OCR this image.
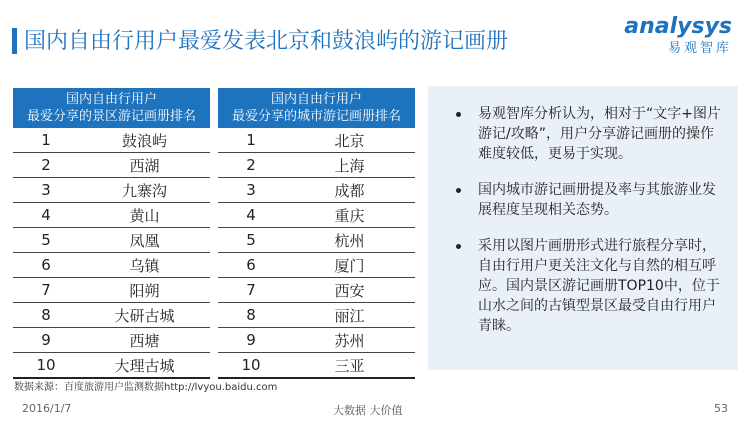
国内自由行用户最爱发表北京和鼓浪屿的游记画册
analysys
易观智库
国内自由行用户
最爱分享的景区游记画册排名	

1	鼓浪屿
2	西湖
3	九寨沟
4	黄山
5	凤凰
6	乌镇
7	阳朔
8	大研古城
9	西塘
10	大理古城
国内自由行用户
最爱分享的城市游记画册排名	

1	北京
2	上海
3	成都
4	重庆
5	杭州
6	厦门
7	西安
8	丽江
9	苏州
10	三亚
易观智库分析认为，相对于“文字+图片游记/攻略”，用户分享游记画册的操作难度较低，更易于实现。
国内城市游记画册提及率与其旅游业发展程度呈现相关态势。
采用以图片画册形式进行旅程分享时，自由行用户更关注文化与自然的相互呼应。国内景区游记画册TOP10中，位于山水之间的古镇型景区最受自由行用户青睐。
数据来源：百度旅游用户监测数据http://lvyou.baidu.com
2016/1/7	大数据 大价值	53
